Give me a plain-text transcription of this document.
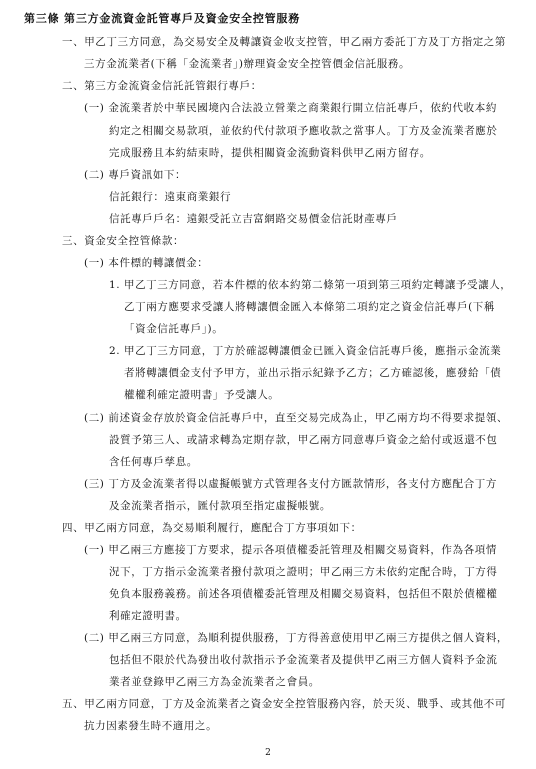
第三條 第三方金流資金託管專戶及資金安全控管服務
一、甲乙丁三方同意，為交易安全及轉讓資金收支控管，甲乙兩方委託丁方及丁方指定之第
三方金流業者(下稱「金流業者」)辦理資金安全控管價金信託服務。
二、第三方金流資金信託託管銀行專戶：
(一) 金流業者於中華民國境內合法設立營業之商業銀行開立信託專戶，依約代收本約
約定之相關交易款項，並依約代付款項予應收款之當事人。丁方及金流業者應於
完成服務且本約結束時，提供相關資金流動資料供甲乙兩方留存。
(二) 專戶資訊如下：
信託銀行：遠東商業銀行
信託專戶戶名：遠銀受託立吉富網路交易價金信託財產專戶
三、資金安全控管條款：
(一) 本件標的轉讓價金：
1. 甲乙丁三方同意，若本件標的依本約第二條第一項到第三項約定轉讓予受讓人，
乙丁兩方應要求受讓人將轉讓價金匯入本條第二項約定之資金信託專戶(下稱
「資金信託專戶」)。
2. 甲乙丁三方同意，丁方於確認轉讓價金已匯入資金信託專戶後，應指示金流業
者將轉讓價金支付予甲方，並出示指示紀錄予乙方；乙方確認後，應發給「債
權權利確定證明書」予受讓人。
(二) 前述資金存放於資金信託專戶中，直至交易完成為止，甲乙兩方均不得要求提領、
設質予第三人、或請求轉為定期存款，甲乙兩方同意專戶資金之給付或返還不包
含任何專戶孳息。
(三) 丁方及金流業者得以虛擬帳號方式管理各支付方匯款情形，各支付方應配合丁方
及金流業者指示，匯付款項至指定虛擬帳號。
四、甲乙兩方同意，為交易順利履行，應配合丁方事項如下：
(一) 甲乙兩三方應接丁方要求，提示各項債權委託管理及相關交易資料，作為各項情
況下，丁方指示金流業者撥付款項之證明；甲乙兩三方未依約定配合時，丁方得
免負本服務義務。前述各項債權委託管理及相關交易資料，包括但不限於債權權
利確定證明書。
(二) 甲乙兩三方同意，為順利提供服務，丁方得善意使用甲乙兩三方提供之個人資料，
包括但不限於代為發出收付款指示予金流業者及提供甲乙兩三方個人資料予金流
業者並登錄甲乙兩三方為金流業者之會員。
五、甲乙兩方同意，丁方及金流業者之資金安全控管服務內容，於天災、戰爭、或其他不可
抗力因素發生時不適用之。
2
